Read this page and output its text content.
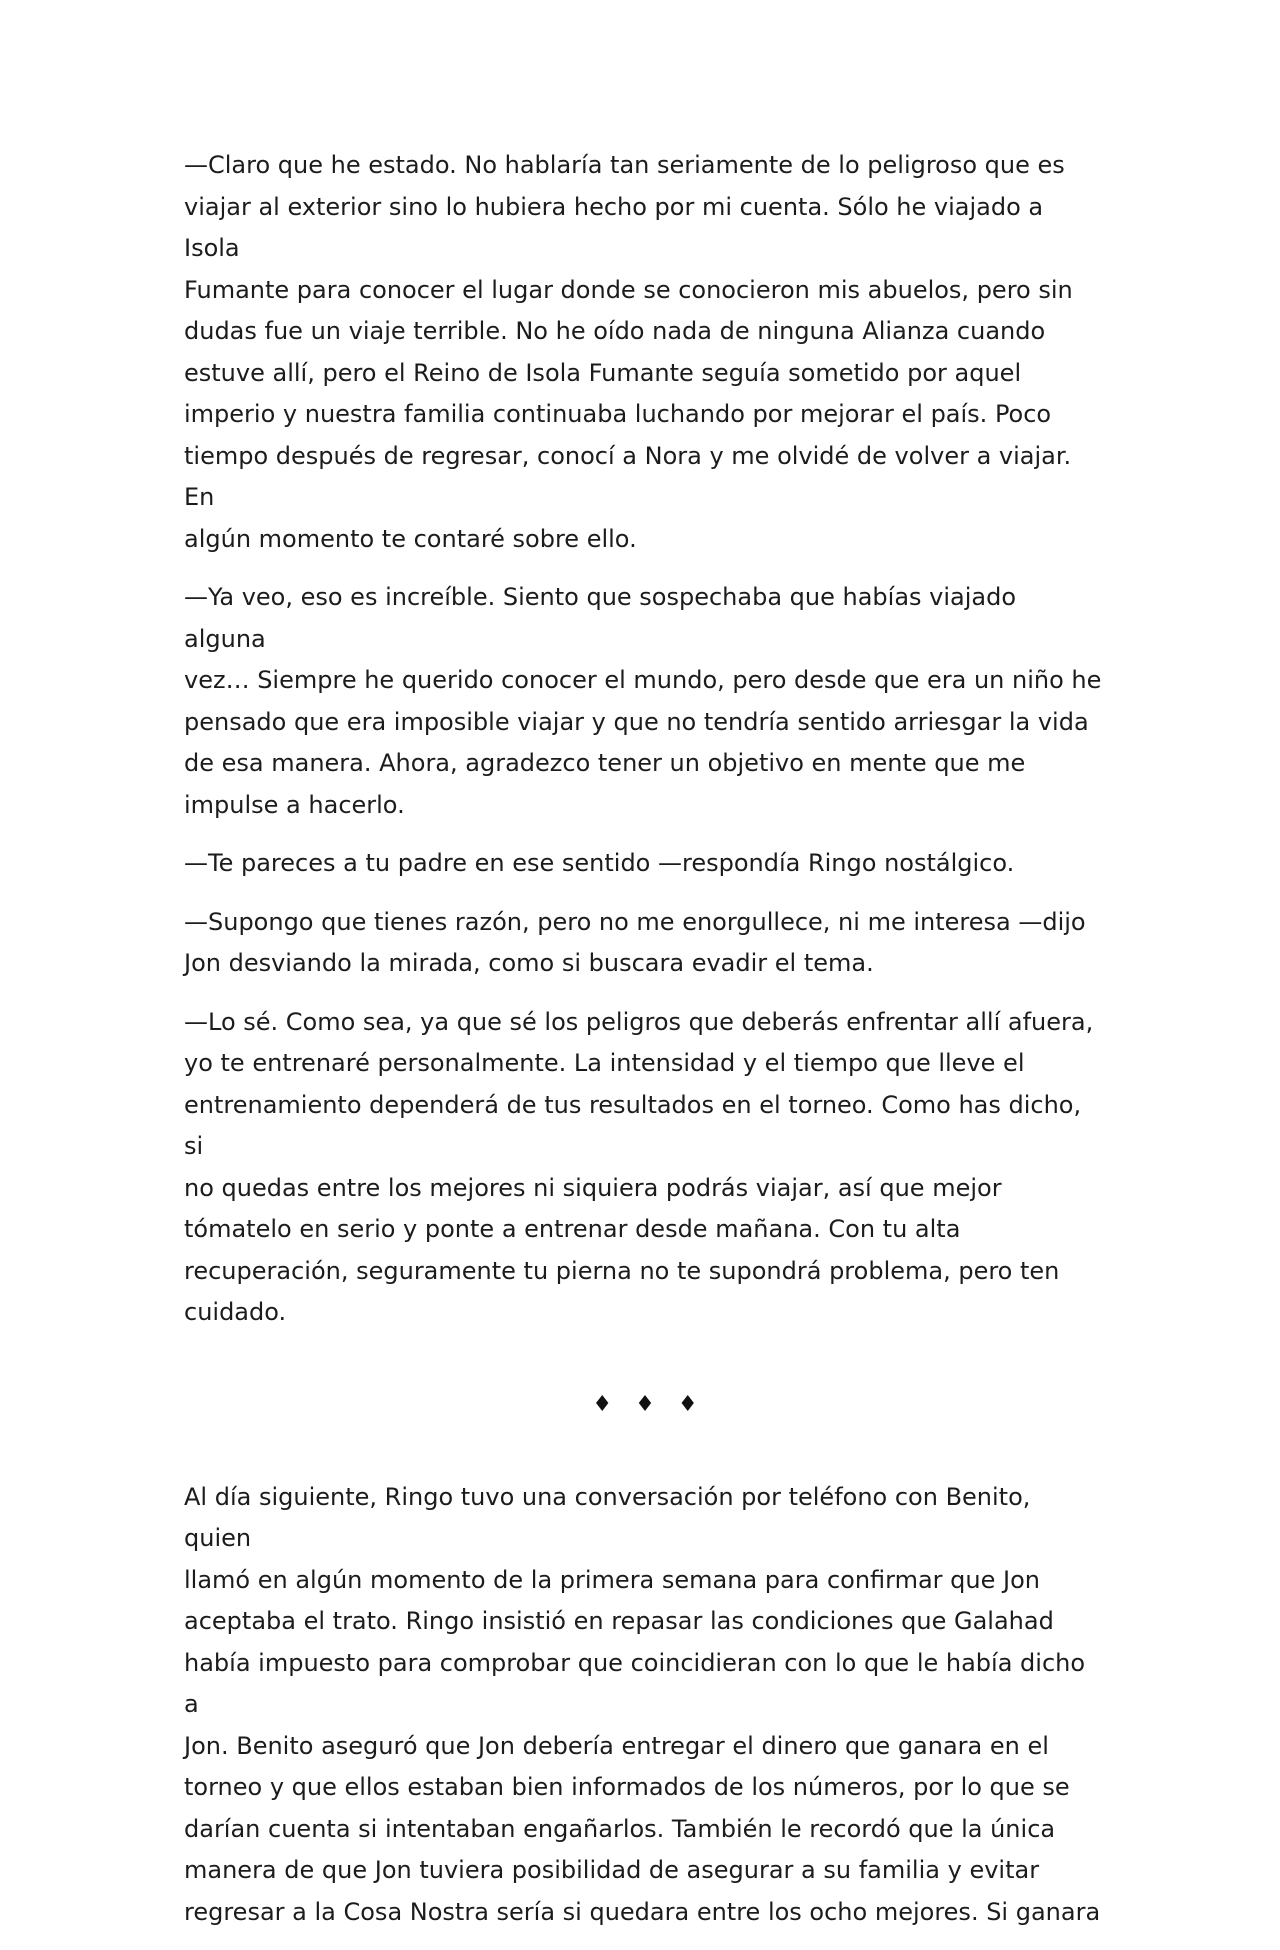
—Claro que he estado. No hablaría tan seriamente de lo peligroso que es
viajar al exterior sino lo hubiera hecho por mi cuenta. Sólo he viajado a Isola
Fumante para conocer el lugar donde se conocieron mis abuelos, pero sin
dudas fue un viaje terrible. No he oído nada de ninguna Alianza cuando
estuve allí, pero el Reino de Isola Fumante seguía sometido por aquel
imperio y nuestra familia continuaba luchando por mejorar el país. Poco
tiempo después de regresar, conocí a Nora y me olvidé de volver a viajar. En
algún momento te contaré sobre ello.

—Ya veo, eso es increíble. Siento que sospechaba que habías viajado alguna
vez… Siempre he querido conocer el mundo, pero desde que era un niño he
pensado que era imposible viajar y que no tendría sentido arriesgar la vida
de esa manera. Ahora, agradezco tener un objetivo en mente que me
impulse a hacerlo.

—Te pareces a tu padre en ese sentido —respondía Ringo nostálgico.

—Supongo que tienes razón, pero no me enorgullece, ni me interesa —dijo
Jon desviando la mirada, como si buscara evadir el tema.

—Lo sé. Como sea, ya que sé los peligros que deberás enfrentar allí afuera,
yo te entrenaré personalmente. La intensidad y el tiempo que lleve el
entrenamiento dependerá de tus resultados en el torneo. Como has dicho, si
no quedas entre los mejores ni siquiera podrás viajar, así que mejor
tómatelo en serio y ponte a entrenar desde mañana. Con tu alta
recuperación, seguramente tu pierna no te supondrá problema, pero ten
cuidado.

♦ ♦ ♦

Al día siguiente, Ringo tuvo una conversación por teléfono con Benito, quien
llamó en algún momento de la primera semana para confirmar que Jon
aceptaba el trato. Ringo insistió en repasar las condiciones que Galahad
había impuesto para comprobar que coincidieran con lo que le había dicho a
Jon. Benito aseguró que Jon debería entregar el dinero que ganara en el
torneo y que ellos estaban bien informados de los números, por lo que se
darían cuenta si intentaban engañarlos. También le recordó que la única
manera de que Jon tuviera posibilidad de asegurar a su familia y evitar
regresar a la Cosa Nostra sería si quedara entre los ocho mejores. Si ganara
